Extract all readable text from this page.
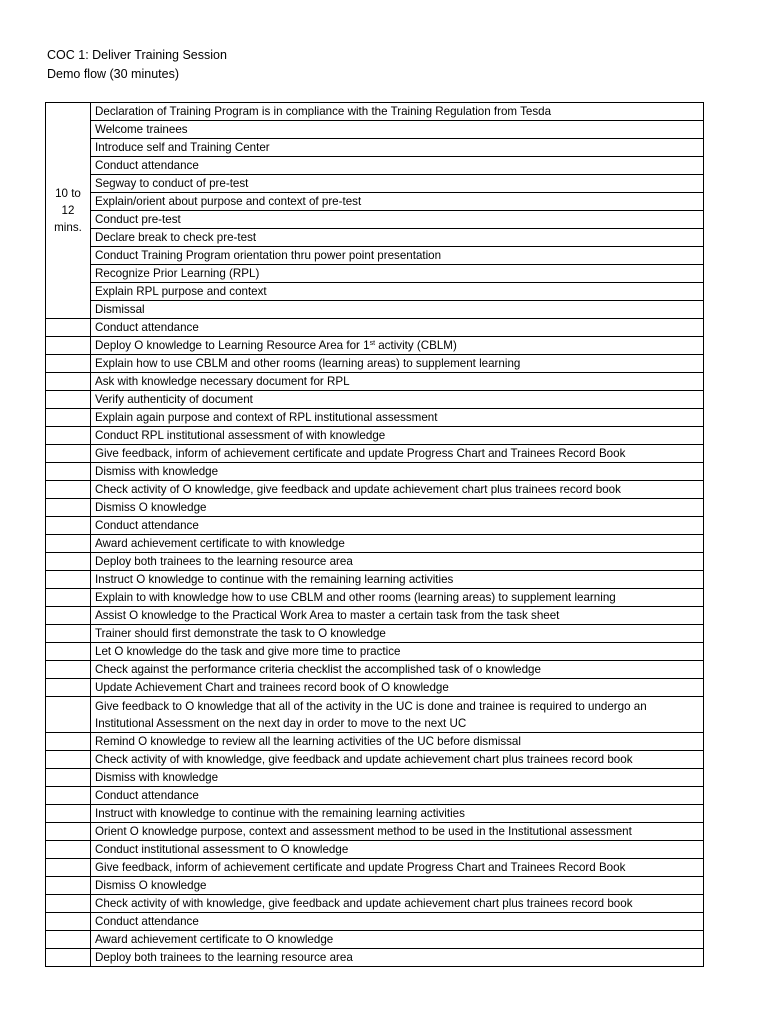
COC 1: Deliver Training Session
Demo flow (30 minutes)
10 to 12 mins.	Declaration of Training Program is in compliance with the Training Regulation from Tesda
	Welcome trainees
	Introduce self and Training Center
	Conduct attendance
	Segway to conduct of pre-test
	Explain/orient about purpose and context of pre-test
	Conduct pre-test
	Declare break to check pre-test
	Conduct Training Program orientation thru power point presentation
	Recognize Prior Learning (RPL)
	Explain RPL purpose and context
	Dismissal
	Conduct attendance
	Deploy O knowledge to Learning Resource Area for 1st activity (CBLM)
	Explain how to use CBLM and other rooms (learning areas) to supplement learning
	Ask with knowledge necessary document for RPL
	Verify authenticity of document
	Explain again purpose and context of RPL institutional assessment
	Conduct RPL institutional assessment of with knowledge
	Give feedback, inform of achievement certificate and update Progress Chart and Trainees Record Book
	Dismiss with knowledge
	Check activity of O knowledge, give feedback and update achievement chart plus trainees record book
	Dismiss O knowledge
	Conduct attendance
	Award achievement certificate to with knowledge
	Deploy both trainees to the learning resource area
	Instruct O knowledge to continue with the remaining learning activities
	Explain to with knowledge how to use CBLM and other rooms (learning areas) to supplement learning
	Assist O knowledge to the Practical Work Area to master a certain task from the task sheet
	Trainer should first demonstrate the task to O knowledge
	Let O knowledge do the task and give more time to practice
	Check against the performance criteria checklist the accomplished task of o knowledge
	Update Achievement Chart and trainees record book of O knowledge
	Give feedback to O knowledge that all of the activity in the UC is done and trainee is required to undergo an Institutional Assessment on the next day in order to move to the next UC
	Remind O knowledge to review all the learning activities of the UC before dismissal
	Check activity of with knowledge, give feedback and update achievement chart plus trainees record book
	Dismiss with knowledge
	Conduct attendance
	Instruct with knowledge to continue with the remaining learning activities
	Orient O knowledge purpose, context and assessment method to be used in the Institutional assessment
	Conduct institutional assessment to O knowledge
	Give feedback, inform of achievement certificate and update Progress Chart and Trainees Record Book
	Dismiss O knowledge
	Check activity of with knowledge, give feedback and update achievement chart plus trainees record book
	Conduct attendance
	Award achievement certificate to O knowledge
	Deploy both trainees to the learning resource area
